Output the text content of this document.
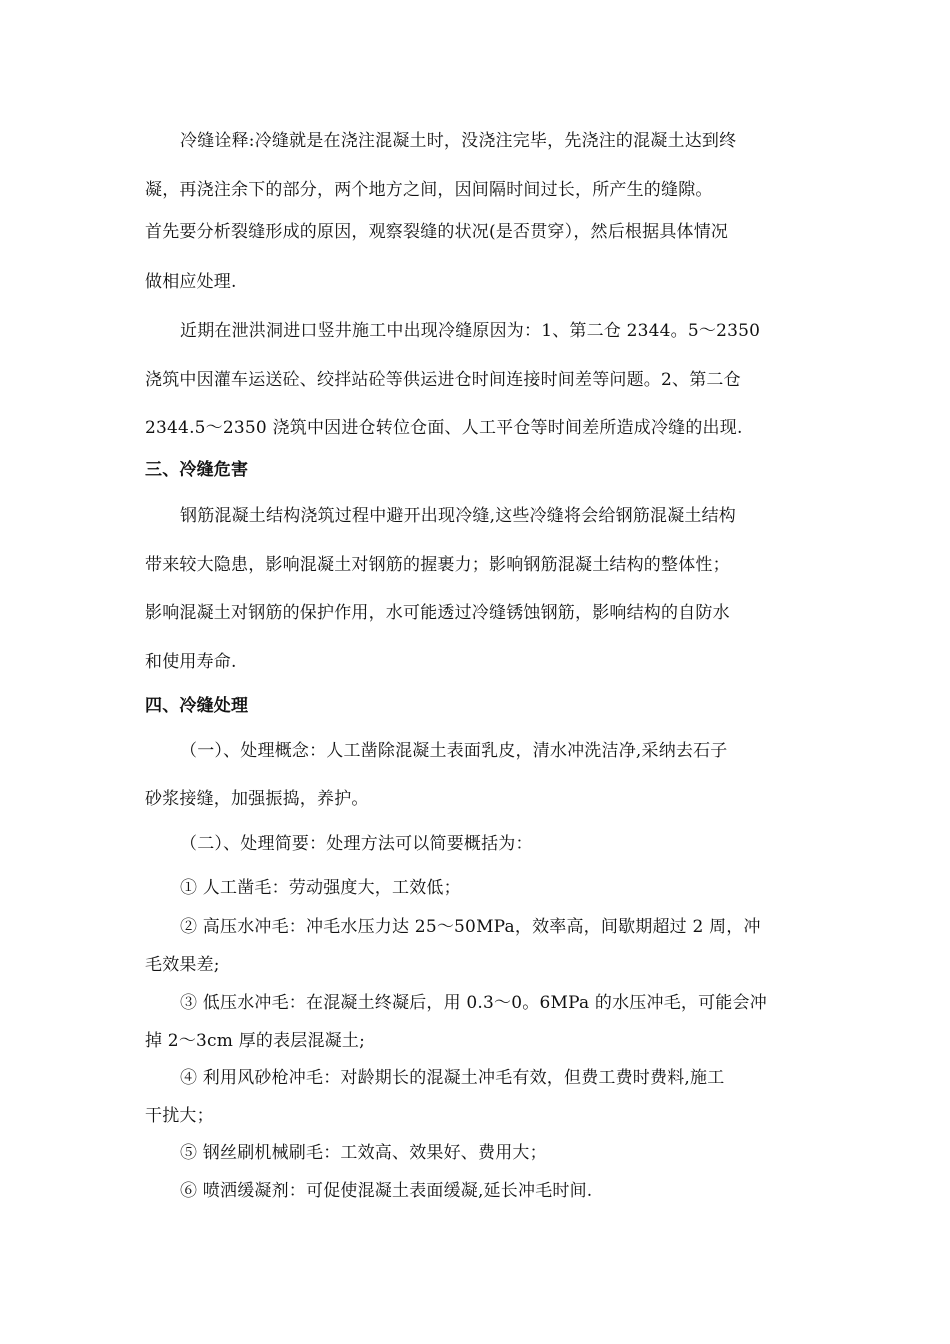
冷缝诠释:冷缝就是在浇注混凝土时，没浇注完毕，先浇注的混凝土达到终
凝，再浇注余下的部分，两个地方之间，因间隔时间过长，所产生的缝隙。
首先要分析裂缝形成的原因，观察裂缝的状况(是否贯穿），然后根据具体情况
做相应处理.
近期在泄洪洞进口竖井施工中出现冷缝原因为：1、第二仓 2344。5～2350
浇筑中因灌车运送砼、绞拌站砼等供运进仓时间连接时间差等问题。2、第二仓
2344.5～2350 浇筑中因进仓转位仓面、人工平仓等时间差所造成冷缝的出现.
三、冷缝危害
钢筋混凝土结构浇筑过程中避开出现冷缝,这些冷缝将会给钢筋混凝土结构
带来较大隐患，影响混凝土对钢筋的握裹力；影响钢筋混凝土结构的整体性；
影响混凝土对钢筋的保护作用，水可能透过冷缝锈蚀钢筋，影响结构的自防水
和使用寿命.
四、冷缝处理
（一）、处理概念：人工凿除混凝土表面乳皮，清水冲洗洁净,采纳去石子
砂浆接缝，加强振捣，养护。
（二）、处理简要：处理方法可以简要概括为：
① 人工凿毛：劳动强度大，工效低；
② 高压水冲毛：冲毛水压力达 25～50MPa，效率高，间歇期超过 2 周，冲
毛效果差;
③ 低压水冲毛：在混凝土终凝后，用 0.3～0。6MPa 的水压冲毛，可能会冲
掉 2～3cm 厚的表层混凝土;
④ 利用风砂枪冲毛：对龄期长的混凝土冲毛有效，但费工费时费料,施工
干扰大；
⑤ 钢丝刷机械刷毛：工效高、效果好、费用大；
⑥ 喷洒缓凝剂：可促使混凝土表面缓凝,延长冲毛时间.
